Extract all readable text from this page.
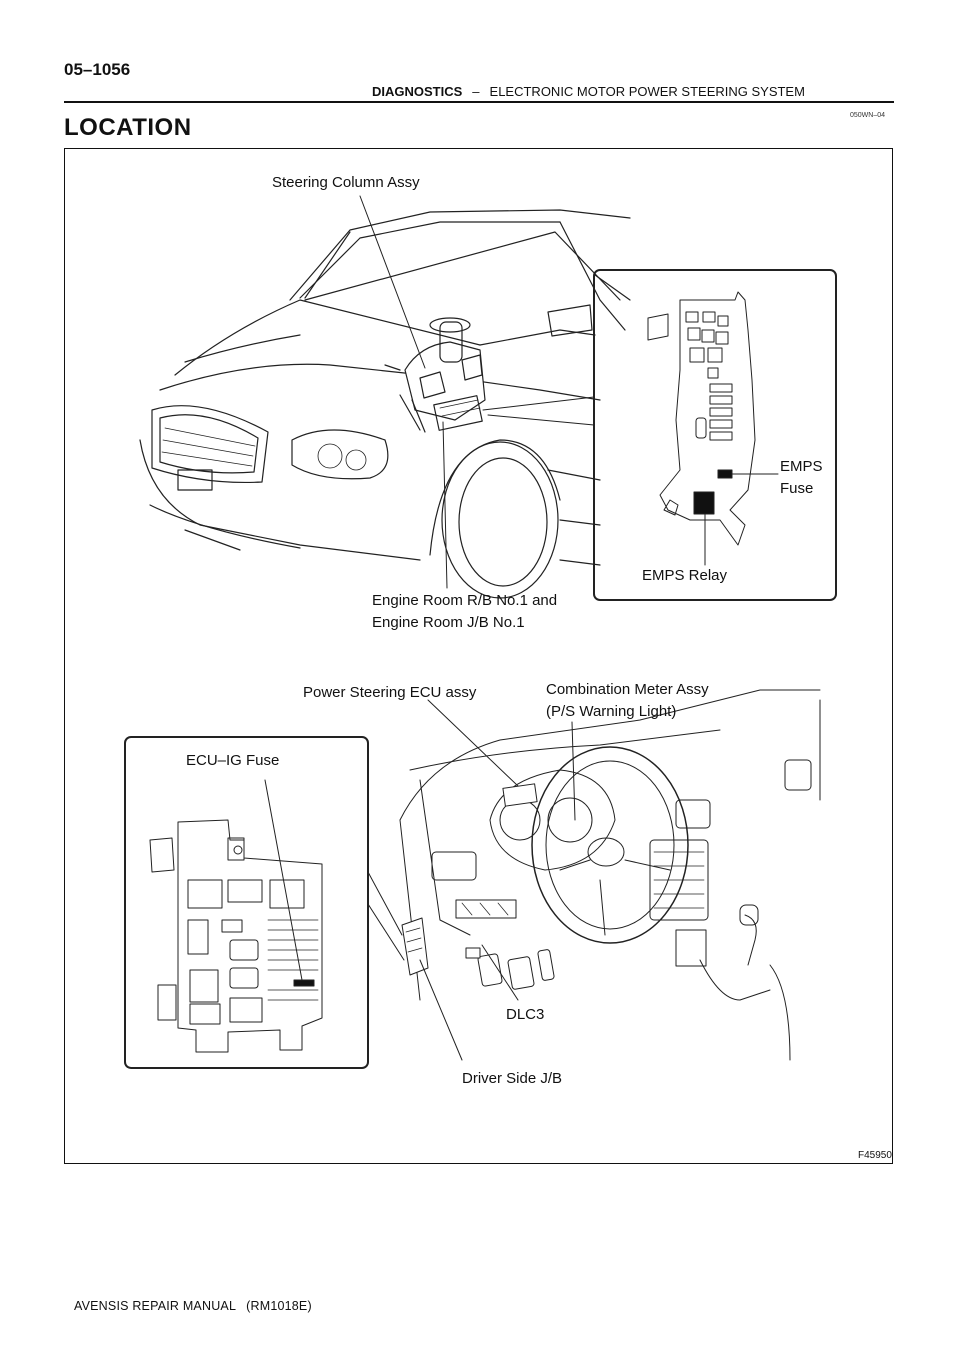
05–1056
DIAGNOSTICS – ELECTRONIC MOTOR POWER STEERING SYSTEM
050WN–04
LOCATION
Steering Column Assy
EMPS
Fuse
EMPS Relay
Engine Room R/B No.1 and
Engine Room J/B No.1
Power Steering ECU assy	Combination Meter Assy
(P/S Warning Light)
ECU–IG Fuse
DLC3
Driver Side J/B
F45950
AVENSIS REPAIR MANUAL (RM1018E)
